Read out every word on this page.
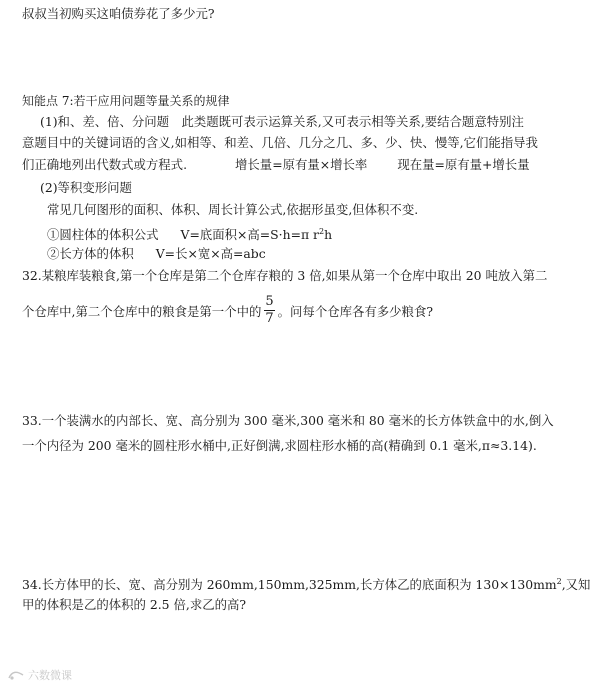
叔叔当初购买这咱债券花了多少元?
知能点 7:若干应用问题等量关系的规律
(1)和、差、倍、分问题　此类题既可表示运算关系,又可表示相等关系,要结合题意特别注
意题目中的关键词语的含义,如相等、和差、几倍、几分之几、多、少、快、慢等,它们能指导我
们正确地列出代数式或方程式.	增长量=原有量×增长率 现在量=原有量+增长量
(2)等积变形问题
常见几何图形的面积、体积、周长计算公式,依据形虽变,但体积不变.
①圆柱体的体积公式 V=底面积×高=S·h=π $r^2h$
②长方体的体积 V=长×宽×高=abc
32.某粮库装粮食,第一个仓库是第二个仓库存粮的 3 倍,如果从第一个仓库中取出 20 吨放入第二
个仓库中,第二个仓库中的粮食是第一个中的 $\frac{5}{7}$ 。问每个仓库各有多少粮食?
33.一个装满水的内部长、宽、高分别为 300 毫米,300 毫米和 80 毫米的长方体铁盒中的水,倒入
一个内径为 200 毫米的圆柱形水桶中,正好倒满,求圆柱形水桶的高(精确到 0.1 毫米,π≈3.14).
34.长方体甲的长、宽、高分别为 260mm,150mm,325mm,长方体乙的底面积为 $130\times 130mm^2$,又知
甲的体积是乙的体积的 2.5 倍,求乙的高?
六数微课
